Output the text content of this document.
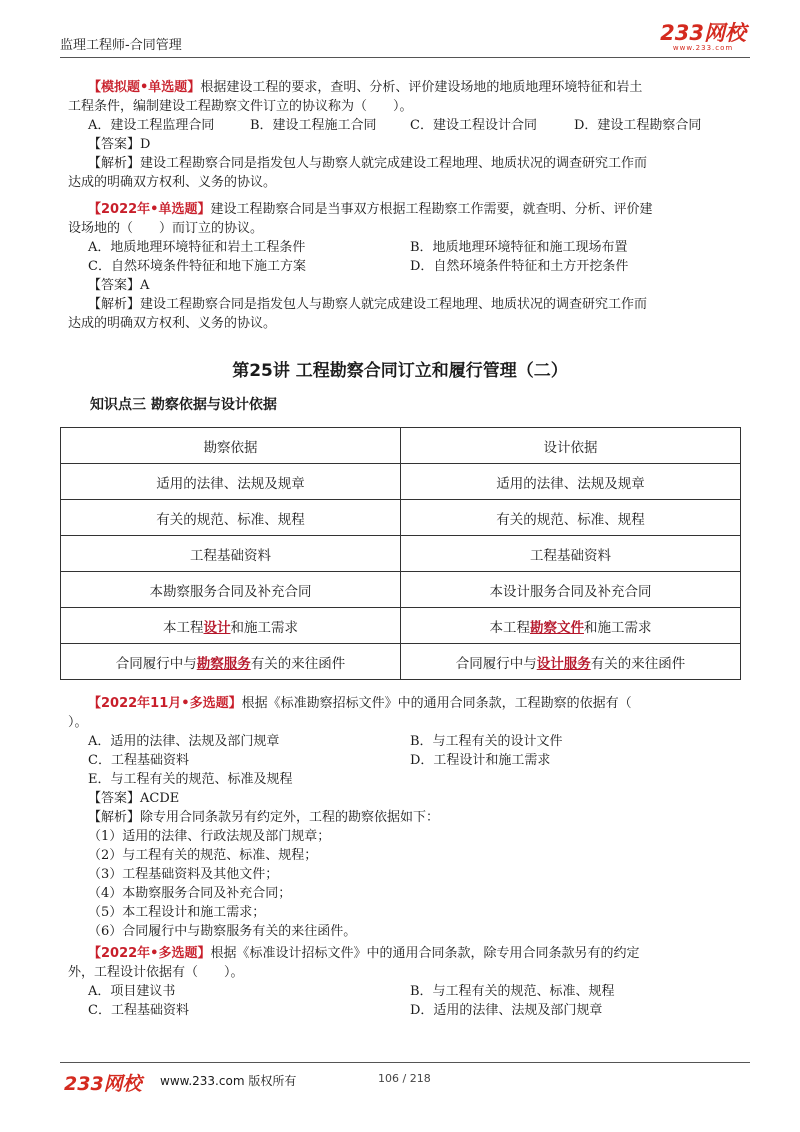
监理工程师-合同管理
233网校
www.233.com
【模拟题•单选题】根据建设工程的要求，查明、分析、评价建设场地的地质地理环境特征和岩土
工程条件，编制建设工程勘察文件订立的协议称为（　　）。
A．建设工程监理合同	B．建设工程施工合同	C．建设工程设计合同	D．建设工程勘察合同
【答案】D
【解析】建设工程勘察合同是指发包人与勘察人就完成建设工程地理、地质状况的调查研究工作而
达成的明确双方权利、义务的协议。
【2022年•单选题】建设工程勘察合同是当事双方根据工程勘察工作需要，就查明、分析、评价建
设场地的（　　）而订立的协议。
A．地质地理环境特征和岩土工程条件	B．地质地理环境特征和施工现场布置
C．自然环境条件特征和地下施工方案	D．自然环境条件特征和土方开挖条件
【答案】A
【解析】建设工程勘察合同是指发包人与勘察人就完成建设工程地理、地质状况的调查研究工作而
达成的明确双方权利、义务的协议。
第25讲 工程勘察合同订立和履行管理（二）
知识点三 勘察依据与设计依据
勘察依据	设计依据
适用的法律、法规及规章	适用的法律、法规及规章
有关的规范、标准、规程	有关的规范、标准、规程
工程基础资料	工程基础资料
本勘察服务合同及补充合同	本设计服务合同及补充合同
本工程设计和施工需求	本工程勘察文件和施工需求
合同履行中与勘察服务有关的来往函件	合同履行中与设计服务有关的来往函件
【2022年11月•多选题】根据《标准勘察招标文件》中的通用合同条款，工程勘察的依据有（
）。
A．适用的法律、法规及部门规章	B．与工程有关的设计文件
C．工程基础资料	D．工程设计和施工需求
E．与工程有关的规范、标准及规程
【答案】ACDE
【解析】除专用合同条款另有约定外，工程的勘察依据如下：
（1）适用的法律、行政法规及部门规章；
（2）与工程有关的规范、标准、规程；
（3）工程基础资料及其他文件；
（4）本勘察服务合同及补充合同；
（5）本工程设计和施工需求；
（6）合同履行中与勘察服务有关的来往函件。
【2022年•多选题】根据《标准设计招标文件》中的通用合同条款，除专用合同条款另有的约定
外，工程设计依据有（　　）。
A．项目建议书	B．与工程有关的规范、标准、规程
C．工程基础资料	D．适用的法律、法规及部门规章
233网校 www.233.com 版权所有	106 / 218
